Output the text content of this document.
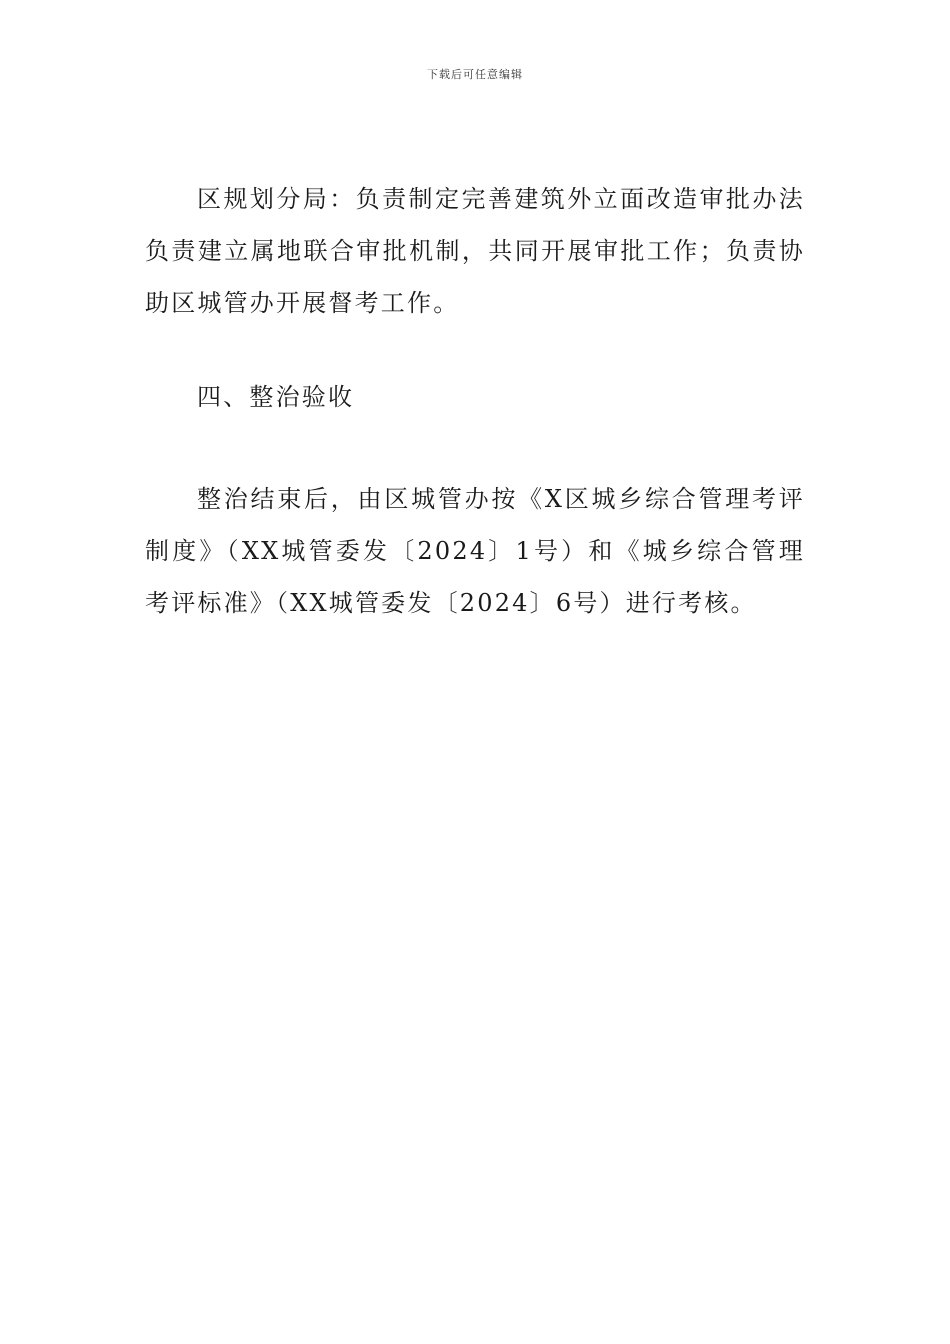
下载后可任意编辑

区规划分局：负责制定完善建筑外立面改造审批办法负责建立属地联合审批机制，共同开展审批工作；负责协助区城管办开展督考工作。

四、整治验收

整治结束后，由区城管办按《X区城乡综合管理考评制度》（XX城管委发〔2024〕1号）和《城乡综合管理考评标准》（XX城管委发〔2024〕6号）进行考核。
